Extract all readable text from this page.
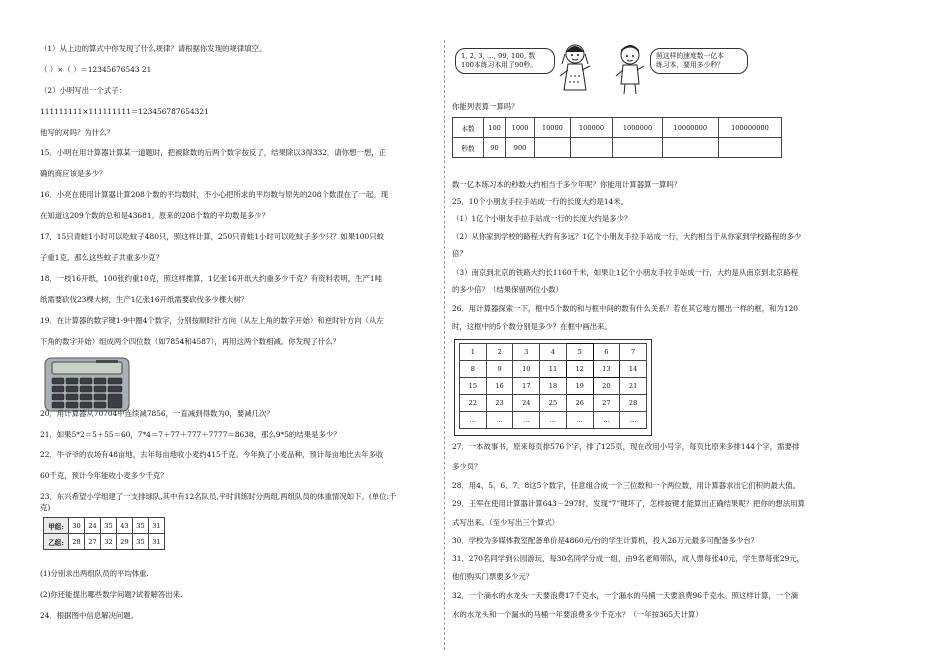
（1）从上边的算式中你发现了什么规律？请根据你发现的规律填空。
（ ）×（ ）＝12345676543 21
（2）小明写出一个式子：
111111111×111111111＝123456787654321
他写的对吗？为什么？
15．小明在用计算器计算某一道题时，把被除数的后两个数字按反了，结果除以3得332．请你想一想，正
确的商应该是多少？
16．小亮在使用计算器计算208个数的平均数时，不小心把所求的平均数与原先的208个数混在了一起。现
在知道这209个数的总和是43681。原来的208个数的平均数是多少？
17．15只青蛙1小时可以吃蚊子480只，照这样计算，250只青蛙1小时可以吃蚊子多少只？如果100只蚊
子重1克，那么这些蚊子共重多少克？
18．一枝16开纸，100张约重10克，照这样推算，1亿张16开纸大约重多少千克？有资料表明，生产1吨
纸需要砍伐23棵大树，生产1亿张16开纸需要砍伐多少棵大树？
19．在计算器的数字键1-9中圈4个数字，分别按顺时针方向（从左上角的数字开始）和逆时针方向（从左
下角的数字开始）组成两个四位数（如7854和4587），再用这两个数相减。你发现了什么？
20．用计算器从70704中连续减7856，一直减到得数为0，要减几次？
21．如果5*2＝5＋55＝60，7*4＝7＋77＋777＋7777＝8638，那么9*5的结果是多少？
22．牛爷爷的农场有48亩地，去年每亩地收小麦约415千克。今年换了小麦品种，预计每亩地比去年多收
60千克，预计今年能收小麦多少千克？
23．东兴希望小学组建了一支排球队,其中有12名队员,平时训练时分两组,两组队员的体重情况如下。(单位:千
克)
甲组:	30	24	35	43	35	31
乙组:	28	27	32	29	35	31
(1)分别求出两组队员的平均体重.
(2)你还能提出哪些数学问题?试着解答出来.
24．根据图中信息解决问题。
1, 2, 3, …, 99, 100, 数
100本练习本用了90秒。
照这样的速度数一亿本
练习本，要用多少秒？
你能列表算一算吗？
本数	100	1000	10000	100000	1000000	10000000	100000000
秒数	90	900					
数一亿本练习本的秒数大约相当于多少年呢？你能用计算器算一算吗？
25．10个小朋友手拉手站成一行的长度大约是14米。
（1）1亿个小朋友手拉手站成一行的长度大约是多少？
（2）从你家到学校的路程大约有多远？1亿个小朋友手拉手站成一行，大约相当于从你家到学校路程的多少
倍？
（3）南京到北京的铁路大约长1160千米，如果让1亿个小朋友手拉手站成一行，大约是从南京到北京路程
的多少倍？（结果保留两位小数）
26．用计算器探索一下，框中5个数的和与框中间的数有什么关系？若在其它地方圈出一样的框，和为120
时，这框中的5个数分别是多少？在框中画出来。
1	2	3	4	5	6	7
8	9	10	11	12	13	14
15	16	17	18	19	20	21
22	23	24	25	26	27	28
…	…	…	…	…	…	…
27．一本故事书，原来每页排576个字，排了125页，现在改用小号字，每页比原来多排144个字，需要排
多少页？
28．用4、5、6、7、8这5个数字，任意组合成一个三位数和一个两位数，用计算器求出它们积的最大值。
29．王军在使用计算器计算643－297时，发现“7”键坏了，怎样按键才能算出正确结果呢？把你的想法用算
式写出来。（至少写出三个算式）
30．学校为多媒体教室配备单价是4860元/台的学生计算机，投入26万元最多可配备多少台？
31．270名同学到公园游玩，每30名同学分成一组，由9名老师带队，成人票每张40元，学生票每张29元，
他们购买门票要多少元？
32．一个滴水的水龙头一天要浪费17千克水，一个漏水的马桶一天要浪费96千克水。照这样计算，一个滴
水的水龙头和一个漏水的马桶一年要浪费多少千克水？（一年按365天计算）
